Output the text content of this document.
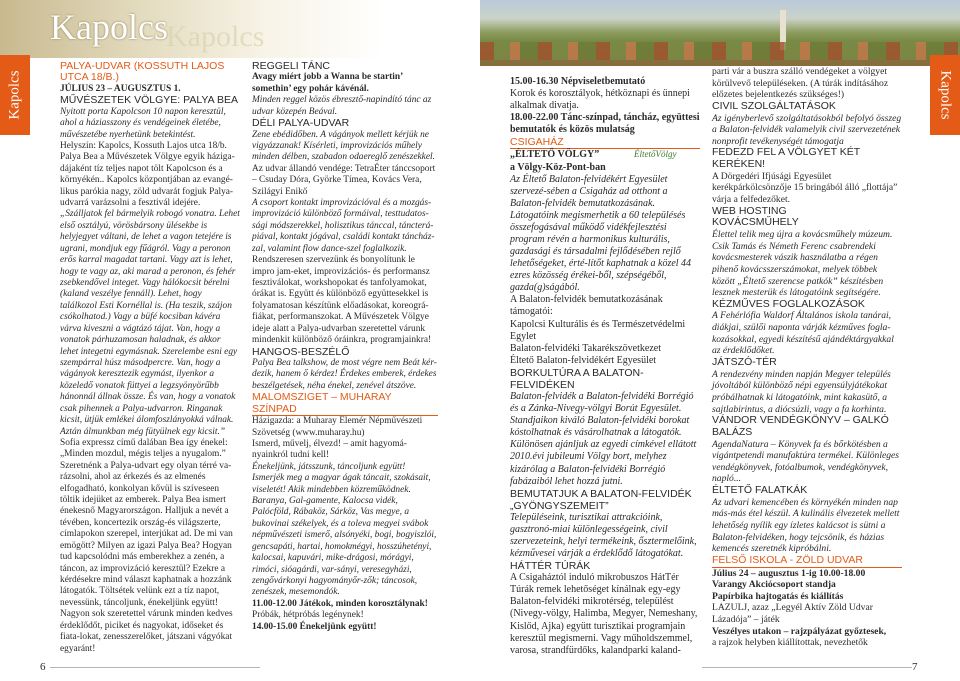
Kapolcs
Kapolcs
Kapolcs

PALYA-UDVAR (KOSSUTH LAJOS UTCA 18/B.)

JÚLIUS 23 – AUGUSZTUS 1.

MŰVÉSZETEK VÖLGYE: PALYA BEA

Nyitott porta Kapolcson 10 napon keresztül, ahol a háziasszony és vendégeinek életébe, művészetébe nyerhetünk betekintést.

Helyszín: Kapolcs, Kossuth Lajos utca 18/b. Palya Bea a Művészetek Völgye egyik háziga-dájaként tíz teljes napot tölt Kapolcson és a környékén.. Kapolcs központjában az evangé-likus parókia nagy, zöld udvarát fogjuk Palya-udvarrá varázsolni a fesztivál idejére.

„Szálljatok fel bármelyik robogó vonatra. Lehet első osztályú, vörösbársony ülésekbe is helyjegyet váltani, de lehet a vagon tetejére is ugrani, mondjuk egy fűágról. Vagy a peronon erős karral magadat tartani. Vagy azt is lehet, hogy te vagy az, aki marad a peronon, és fehér zsebkendővel integet. Vagy hálókocsit bérelni (kaland veszélye fennáll). Lehet, hogy találkozol Esti Kornéllal is. (Ha teszik, szájon csókolhatod.) Vagy a büfé kocsiban kávéra várva kiveszni a vágtázó tájat. Van, hogy a vonatok párhuzamosan haladnak, és akkor lehet integetni egymásnak. Szerelembe esni egy szempárral húsz másodpercre. Van, hogy a vágányok keresztezik egymást, ilyenkor a közeledő vonatok füttyei a legzsyönyörűbb hánonnál állnak össze. És van, hogy a vonatok csak pihennek a Palya-udvarron. Ringanak kicsit, ütjük emlékei álomfoszlányokká válnak. Aztán álmunkban még fütyülnek egy kicsit.”

Sofia expressz című dalában Bea így énekel: „Minden mozdul, mégis teljes a nyugalom.” Szeretnénk a Palya-udvart egy olyan térré va-rázsolni, ahol az érkezés és az elmenés elfogadható, konkolyan kővül is szíveseen töltik idejüket az emberek. Palya Bea ismert énekesnő Magyarországon. Halljuk a nevét a tévében, koncertezik ország-és világszerte, címlapokon szerepel, interjúkat ad. De mi van emögött? Milyen az igazi Palya Bea? Hogyan tud kapcsolódni más emberekhez a zenén, a táncon, az improvizáció keresztül? Ezekre a kérdésekre mind választ kaphatnak a hozzánk látogatók. Töltsétek velünk ezt a tíz napot, nevessünk, táncoljunk, énekeljünk együtt!

Nagyon sok szeretettel várunk minden kedves érdeklődőt, piciket és nagyokat, időseket és fiata-lokat, zenesszerelőket, játszani vágyókat egyaránt!

REGGELI TÁNC

Avagy miért jobb a Wanna be startin’ somethin’ egy pohár kávénál.

Minden reggel közös ébresztő-napindító tánc az udvar közepén Beával.

DÉLI PALYA-UDVAR

Zene ebédidőben. A vágányok mellett kérjük ne vigyázzanak! Kísérleti, improvizációs műhely minden délben, szabadon odaereglő zenészekkel.

Az udvar állandó vendége: TetraÉter tánccsoport – Csuday Dóra, Györke Tímea, Kovács Vera, Szilágyi Enikő

A csoport kontakt improvizációval és a mozgás-improvizáció különböző formáival, testtudatos-sági módszerekkel, holisztikus tánccal, táncterá-piával, kontakt jógával, családi kontakt táncház-zal, valamint flow dance-szel foglalkozik.

Rendszeresen szervezünk és bonyolítunk le impro jam-eket, improvizációs- és performansz fesztiválokat, workshopokat és tanfolyamokat, órákat is. Együtt és különböző együttesekkel is folyamatosan készítünk előadásokat, koreográ-fiákat, performanszokat. A Művészetek Völgye ideje alatt a Palya-udvarban szeretettel várunk mindenkit különböző óráinkra, programjainkra!

HANGOS-BESZÉLŐ

Palya Bea talkshow, de most végre nem Beát kér-dezik, hanem ő kérdez! Érdekes emberek, érdekes beszélgetések, néha énekel, zenével átszöve.

MALOMSZIGET – MUHARAY SZÍNPAD

Házigazda: a Muharay Elemér Népművészeti Szövetség (www.muharay.hu)

Ismerd, művelj, élvezd! – amit hagyomá-nyainkról tudni kell!

Énekeljünk, játsszunk, táncoljunk együtt! Ismerjék meg a magyar ágak táncait, szokásait, viseletét! Akik mindebben közreműködnek. Baranya, Gal-gamente, Kalocsa vidék, Palócföld, Rábaköz, Sárköz, Vas megye, a bukovinai székelyek, és a toleva megyei svábok népművészeti ismerő, alsónyéki, bogi, bogyiszlói, gencsapáti, hartai, homokmégyi, hosszúhetényi, kalocsai, kapuvári, mike-drágosi, mórágyi, rimóci, sióagárdi, var-sányi, veresegyházi, zengővárkonyi hagyományőr-zők; táncosok, zenészek, mesemondók.

11.00-12.00 Játékok, minden korosztálynak!

Próbák, hétpróbás legénynek!

14.00-15.00 Énekeljünk együtt!

6
Kapolcs

15.00-16.30 Népviseletbemutató

Korok és korosztályok, hétköznapi és ünnepi alkalmak divatja.

18.00-22.00 Tánc-színpad, táncház, együttesi bemutatók és közös mulatság

CSIGAHÁZ

„ÉLTETŐ VÖLGY”

a Völgy-Köz-Pont-ban

Az Éltető Balaton-felvidékért Egyesület szervezé-sében a Csigaház ad otthont a Balaton-felvidék bemutatkozásának. Látogatóink megismerhetik a 60 településés összefogásával működő vidékfejlesztési program révén a harmonikus kulturális, gazdasági és társadalmi fejlődésében rejlő lehetőségeket, érté-lítőt kaphatnak a közel 44 ezres közösség érékei-ből, szépségéből, gazda(g)ságából.

A Balaton-felvidék bemutatkozásának támogatói:

Kapolcsi Kulturális és és Természetvédelmi Egylet

Balaton-felvidéki Takarékszövetkezet

Éltető Balaton-felvidékért Egyesület

BORKULTÚRA A BALATON-FELVIDÉKEN

Balaton-felvidék a Balaton-felvidéki Borrégió és a Zánka-Nivegy-völgyi Borút Egyesület. Standjaikon kiváló Balaton-felvidéki borokat kóstolhatnak és vásárolhatnak a látogatók. Különösen ajánljuk az egyedi címkével ellátott 2010.évi jubileumi Völgy bort, melyhez kizárólag a Balaton-felvidéki Borrégió fabázaiból lehet hozzá jutni.

BEMUTATJUK A BALATON-FELVIDÉK „GYÖNGYSZEMEIT”

Településeink, turisztikai attrakcióink, gasztronó-miai különlegességeink, civil szervezeteink, helyi termékeink, ősztermelőink, kézművesei várják a érdeklődő látogatókat.

HÁTTÉR TÚRÁK

A Csigaháztól induló mikrobuszos HátTér Túrák remek lehetőséget kínálnak egy-egy Balaton-felvidéki mikrotérség, települést (Nivegy-völgy, Halimba, Megyer, Nemeshany, Kislőd, Ajka) együtt turisztikai programjain keresztül megismerni. Vagy műholdszemmel, varosa, strandfürdőks, kalandparki kaland-

parti vár a buszra szálló vendégeket a völgyet körülvevő településeken. (A túrák indításához előzetes bejelentkezés szükséges!)

CIVIL SZOLGÁLTATÁSOK

Az igényberlevő szolgáltatásokból befolyó összeg a Balaton-felvidék valamelyik civil szervezetének nonprofit tevékenységét támogatja

FEDEZD FEL A VÖLGYET KÉT KERÉKEN!

A Dörgedéri Ifjúsági Egyesület kerékpárkölcsönzője 15 bringából álló „flottája” várja a felfedezőket.

WEB HOSTING

KOVÁCSMŰHELY

Élettel telik meg újra a kovácsműhely múzeum. Csik Tamás és Németh Ferenc csabrendeki kovácsmesterek vászik használatba a régen pihenő kovácsszerszámokat, melyek többek között „Éltető szerencse patkók” készítésben lesznek mesterük és látogatóink segítségére.

KÉZMŰVES FOGLALKOZÁSOK

A Fehérlófia Waldorf Általános iskola tanárai, diákjai, szülői naponta várják kézműves fogla-kozásokkal, egyedi készítésű ajándéktárgyakkal az érdeklődőket.

JÁTSZÓ-TÉR

A rendezvény minden napján Megyer település jóvoltából különböző népi egyensúlyjátékokat próbálhatnak ki látogatóink, mint kakasütő, a sajtlabirintus, a diócsúzli, vagy a fa korhinta.

VÁNDOR VENDÉGKÖNYV – GALKÓ BALÁZS

AgendaNatura – Könyvek fa és bőrkötésben a vigántpetendi manufaktúra termékei. Különleges vendégkönyvek, fotóalbumok, vendégkönyvek, napló...

ÉLTETŐ FALATKÁK

Az udvari kemencében és környékén minden nap más-más étel készül. A kulinális élvezetek mellett lehetőség nyílik egy ízletes kalácsot is sütni a Balaton-felvidéken, hogy tejcsönik, és házias kemencés szeretnék kipróbálni.

FELSŐ ISKOLA - ZÖLD UDVAR

Július 24 – augusztus 1-ig 10.00-18.00

Varangy Akciócsoport standja

Papírbika hajtogatás és kiállítás

LAZULJ, azaz „Legyél Aktív Zöld Udvar Lázadója” – játék

Veszélyes utakon – rajzpályázat győztesek,

a rajzok helyben kiállítottak, nevezhetők

7
ÉltetőVölgy
